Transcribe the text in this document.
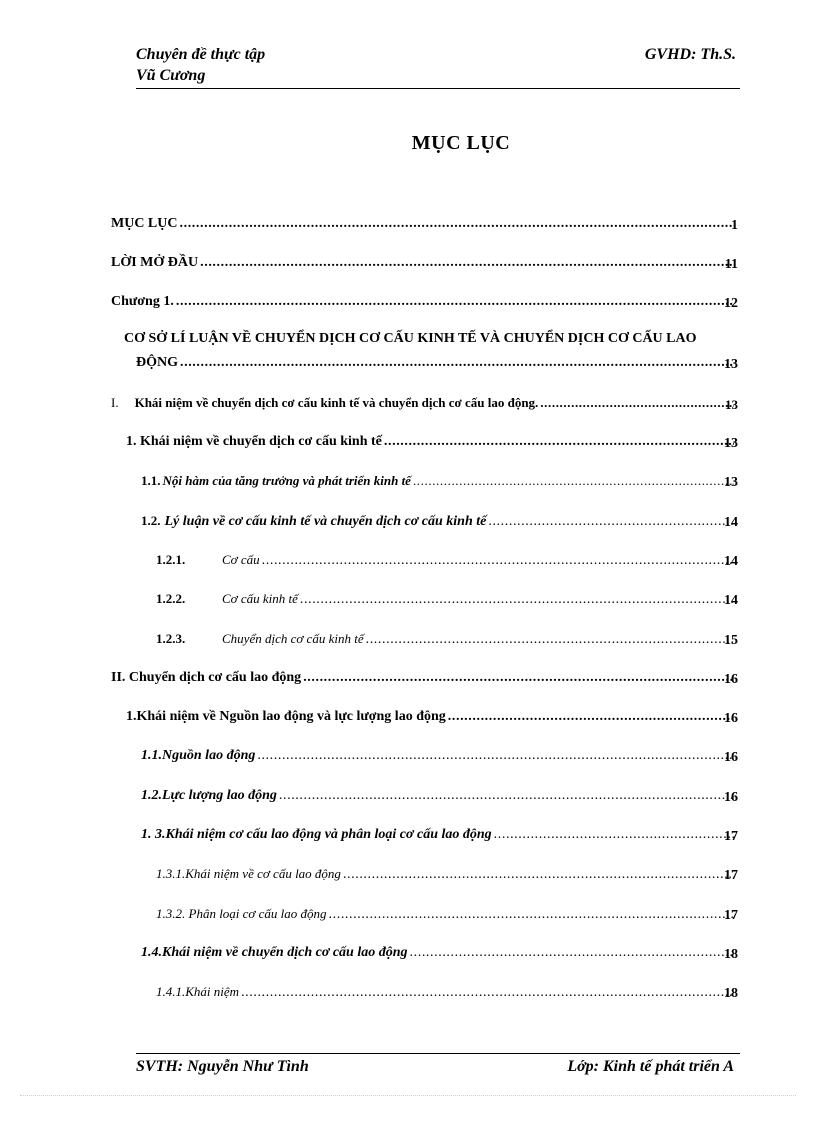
Chuyên đề thực tập
Vũ Cương
GVHD: Th.S.
MỤC LỤC
MỤC LỤC .....	1
LỜI MỞ ĐẦU .....	11
Chương 1. .....	12
CƠ SỞ LÍ LUẬN VỀ CHUYỂN DỊCH CƠ CẤU KINH TẾ VÀ CHUYỂN DỊCH CƠ CẤU LAO
ĐỘNG .....	13
I. Khái niệm về chuyển dịch cơ cấu kinh tế và chuyển dịch cơ cấu lao động. .....	13
1. Khái niệm về chuyển dịch cơ cấu kinh tế .....	13
1.1. Nội hàm của tăng trưởng và phát triển kinh tế .....	13
1.2. Lý luận về cơ cấu kinh tế và chuyển dịch cơ cấu kinh tế .....	14
1.2.1.	Cơ cấu .....	14
1.2.2.	Cơ cấu kinh tế .....	14
1.2.3.	Chuyển dịch cơ cấu kinh tế .....	15
II. Chuyển dịch cơ cấu lao động .....	16
1.Khái niệm về Nguồn lao động và lực lượng lao động .....	16
1.1.Nguồn lao động .....	16
1.2.Lực lượng lao động .....	16
1. 3.Khái niệm cơ cấu lao động và phân loại cơ cấu lao động .....	17
1.3.1.Khái niệm về cơ cấu lao động .....	17
1.3.2. Phân loại cơ cấu lao động .....	17
1.4.Khái niệm về chuyển dịch cơ cấu lao động .....	18
1.4.1.Khái niệm .....	18
SVTH: Nguyễn Như Tình	Lớp: Kinh tế phát triển A
